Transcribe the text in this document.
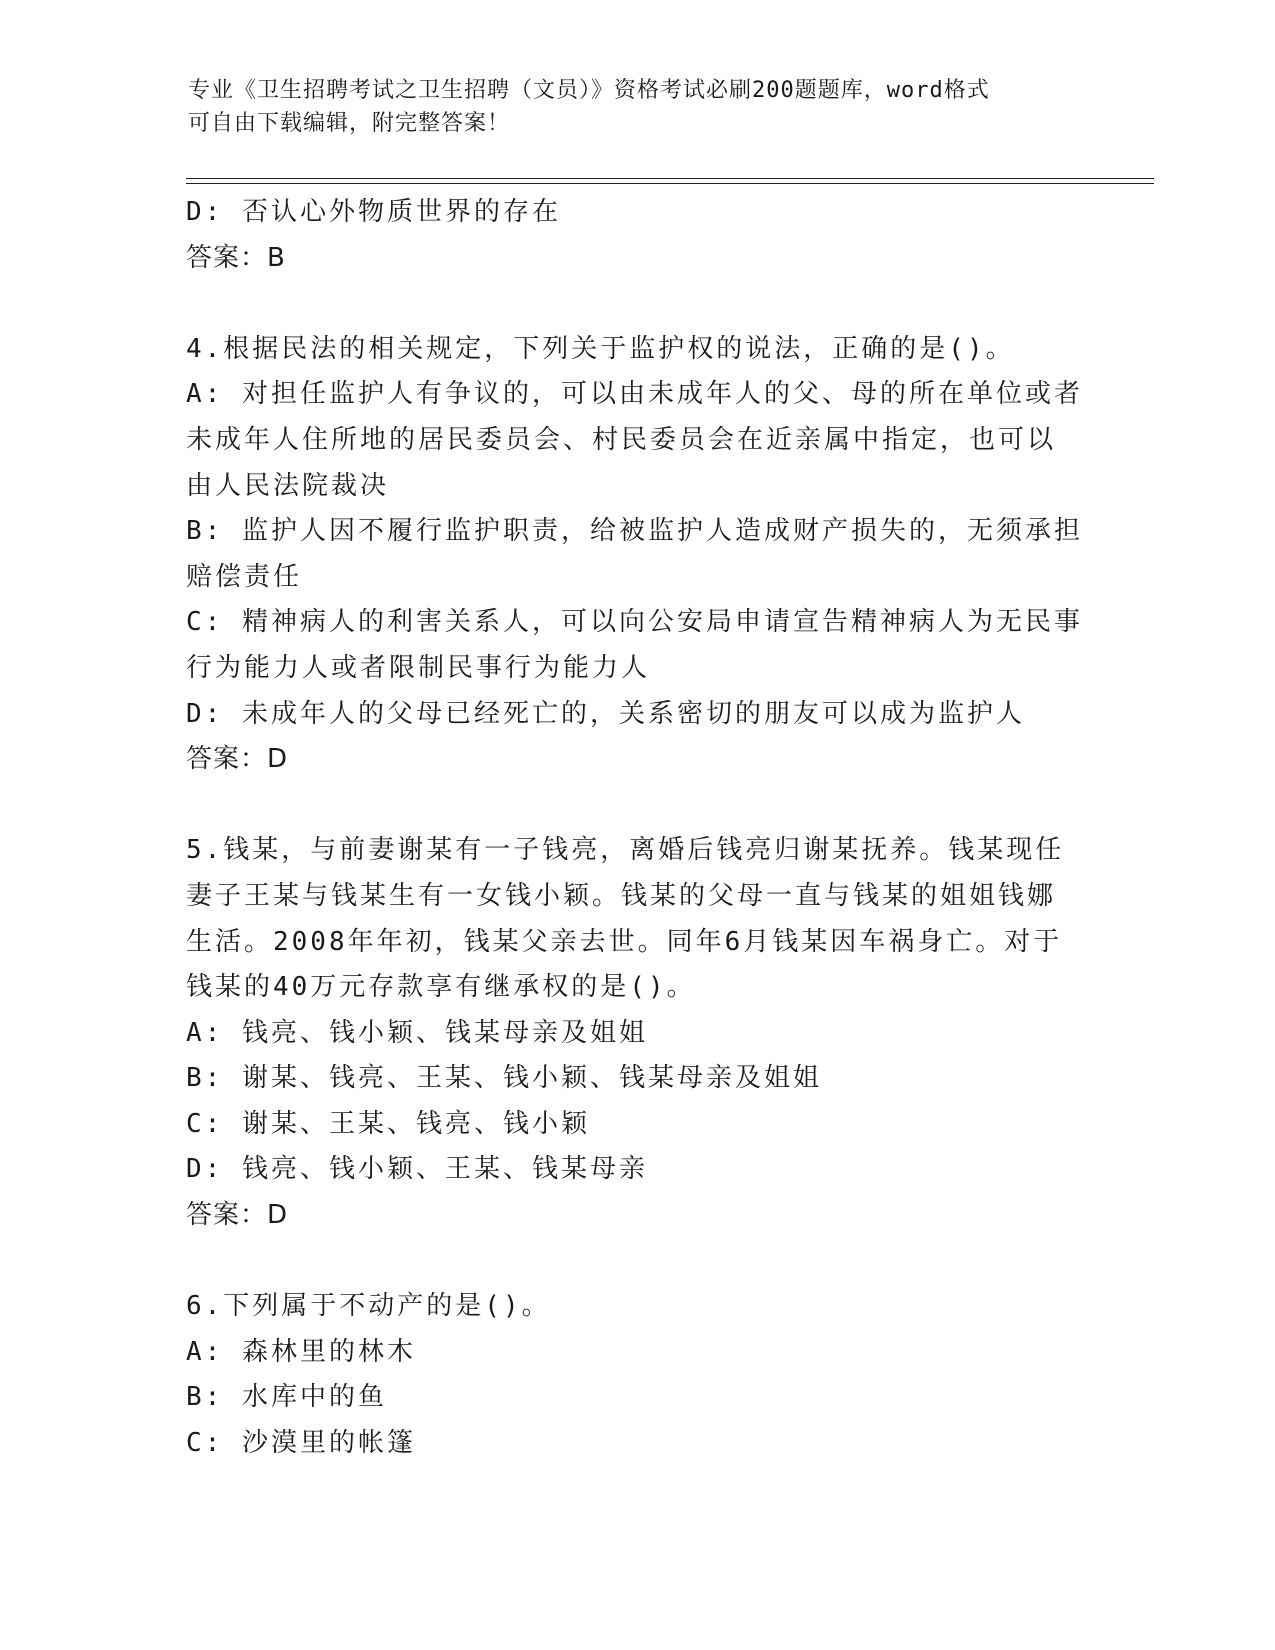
专业《卫生招聘考试之卫生招聘（文员）》资格考试必刷200题题库，word格式
可自由下载编辑，附完整答案！
D: 否认心外物质世界的存在
答案：B
4.根据民法的相关规定，下列关于监护权的说法，正确的是()。
A: 对担任监护人有争议的，可以由未成年人的父、母的所在单位或者
未成年人住所地的居民委员会、村民委员会在近亲属中指定，也可以
由人民法院裁决
B: 监护人因不履行监护职责，给被监护人造成财产损失的，无须承担
赔偿责任
C: 精神病人的利害关系人，可以向公安局申请宣告精神病人为无民事
行为能力人或者限制民事行为能力人
D: 未成年人的父母已经死亡的，关系密切的朋友可以成为监护人
答案：D
5.钱某，与前妻谢某有一子钱亮，离婚后钱亮归谢某抚养。钱某现任
妻子王某与钱某生有一女钱小颖。钱某的父母一直与钱某的姐姐钱娜
生活。2008年年初，钱某父亲去世。同年6月钱某因车祸身亡。对于
钱某的40万元存款享有继承权的是()。
A: 钱亮、钱小颖、钱某母亲及姐姐
B: 谢某、钱亮、王某、钱小颖、钱某母亲及姐姐
C: 谢某、王某、钱亮、钱小颖
D: 钱亮、钱小颖、王某、钱某母亲
答案：D
6.下列属于不动产的是()。
A: 森林里的林木
B: 水库中的鱼
C: 沙漠里的帐篷
